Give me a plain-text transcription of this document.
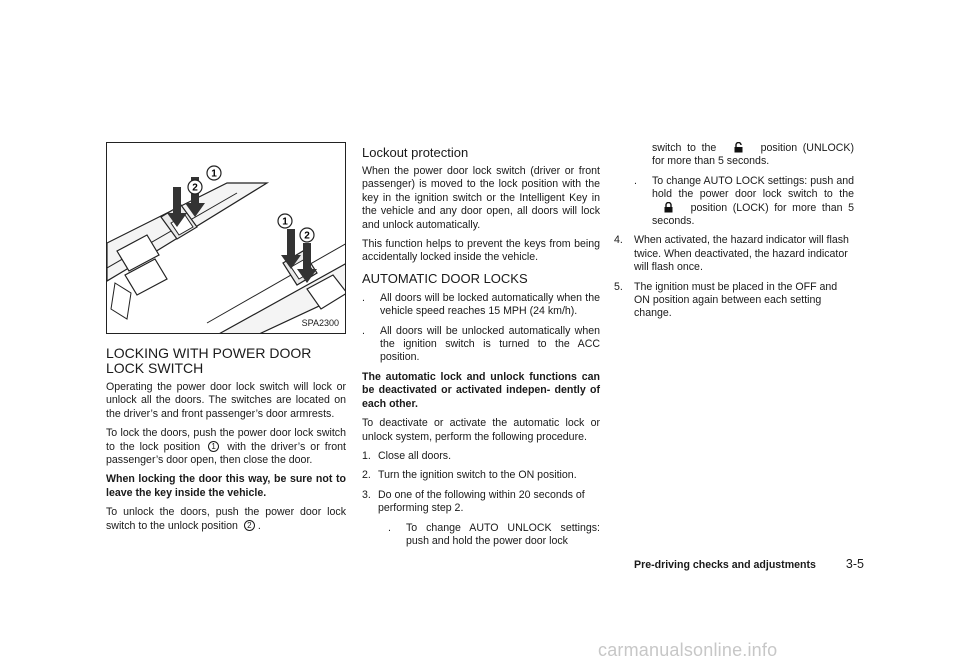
1
2
1
2
SPA2300
LOCKING WITH POWER DOOR LOCK SWITCH

Operating the power door lock switch will lock or unlock all the doors. The switches are located on the driver’s and front passenger’s door armrests.

To lock the doors, push the power door lock switch to the lock position 1 with the driver’s or front passenger’s door open, then close the door.

When locking the door this way, be sure not to leave the key inside the vehicle.

To unlock the doors, push the power door lock switch to the unlock position 2 .

Lockout protection

When the power door lock switch (driver or front passenger) is moved to the lock position with the key in the ignition switch or the Intelligent Key in the vehicle and any door open, all doors will lock and unlock automatically.

This function helps to prevent the keys from being accidentally locked inside the vehicle.

AUTOMATIC DOOR LOCKS
.	All doors will be locked automatically when the vehicle speed reaches 15 MPH (24 km/h).
.	All doors will be unlocked automatically when the ignition switch is turned to the ACC position.

The automatic lock and unlock functions can be deactivated or activated indepen- dently of each other.

To deactivate or activate the automatic lock or unlock system, perform the following procedure.

1. Close all doors.
2. Turn the ignition switch to the ON position.
3. Do one of the following within 20 seconds of performing step 2.
.	To change AUTO UNLOCK settings: push and hold the power door lock

switch to the	position (UNLOCK) for more than 5 seconds.

.	To change AUTO LOCK settings: push and hold the power door lock switch to the  position (LOCK) for more than 5 seconds.
4.	When activated, the hazard indicator will flash twice. When deactivated, the hazard indicator will flash once.
5.	The ignition must be placed in the OFF and ON position again between each setting change.
Pre-driving checks and adjustments 3-5
carmanualsonline.info
